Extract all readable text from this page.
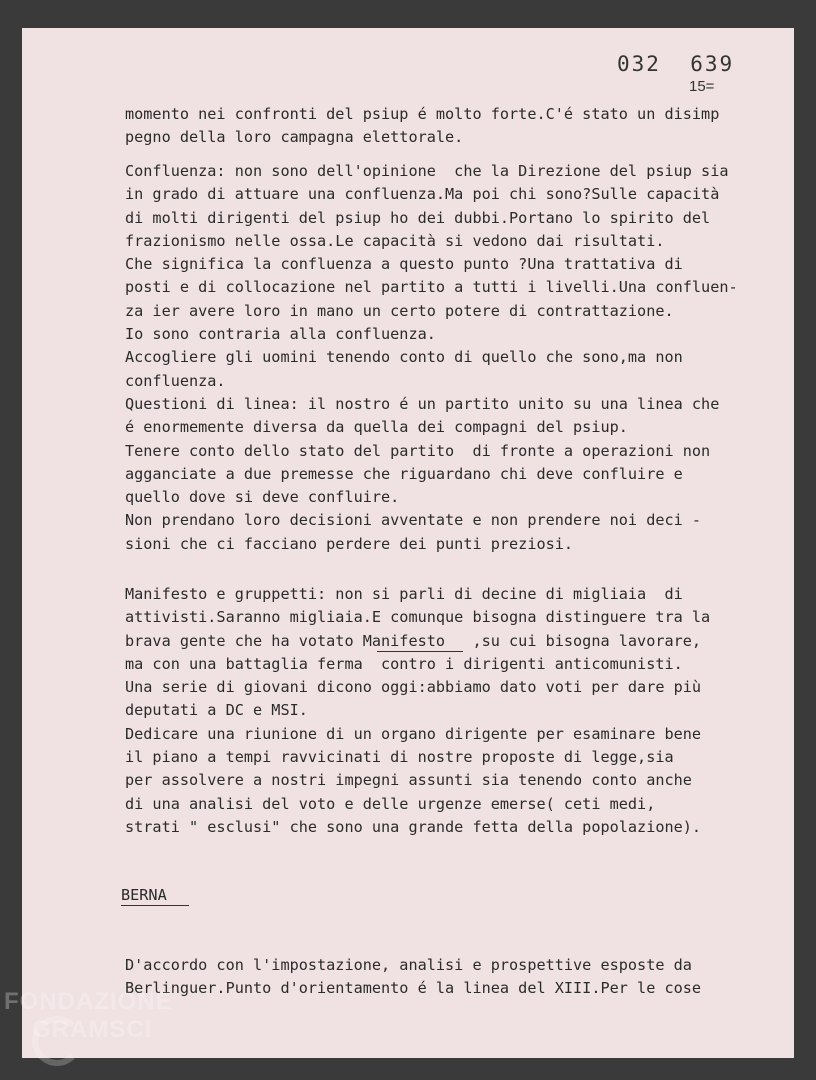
032  639
15=
momento nei confronti del psiup é molto forte.C'é stato un disimp
pegno della loro campagna elettorale.
Confluenza: non sono dell'opinione  che la Direzione del psiup sia
in grado di attuare una confluenza.Ma poi chi sono?Sulle capacità
di molti dirigenti del psiup ho dei dubbi.Portano lo spirito del
frazionismo nelle ossa.Le capacità si vedono dai risultati.
Che significa la confluenza a questo punto ?Una trattativa di
posti e di collocazione nel partito a tutti i livelli.Una confluen-
za ier avere loro in mano un certo potere di contrattazione.
Io sono contraria alla confluenza.
Accogliere gli uomini tenendo conto di quello che sono,ma non
confluenza.
Questioni di linea: il nostro é un partito unito su una linea che
é enormemente diversa da quella dei compagni del psiup.
Tenere conto dello stato del partito  di fronte a operazioni non
agganciate a due premesse che riguardano chi deve confluire e
quello dove si deve confluire.
Non prendano loro decisioni avventate e non prendere noi deci -
sioni che ci facciano perdere dei punti preziosi.
Manifesto e gruppetti: non si parli di decine di migliaia  di
attivisti.Saranno migliaia.E comunque bisogna distinguere tra la
brava gente che ha votato Manifesto   ,su cui bisogna lavorare,
ma con una battaglia ferma  contro i dirigenti anticomunisti.
Una serie di giovani dicono oggi:abbiamo dato voti per dare più
deputati a DC e MSI.
Dedicare una riunione di un organo dirigente per esaminare bene
il piano a tempi ravvicinati di nostre proposte di legge,sia
per assolvere a nostri impegni assunti sia tenendo conto anche
di una analisi del voto e delle urgenze emerse( ceti medi,
strati " esclusi" che sono una grande fetta della popolazione).
BERNA
D'accordo con l'impostazione, analisi e prospettive esposte da
Berlinguer.Punto d'orientamento é la linea del XIII.Per le cose
FONDAZIONE
GRAMSCI
